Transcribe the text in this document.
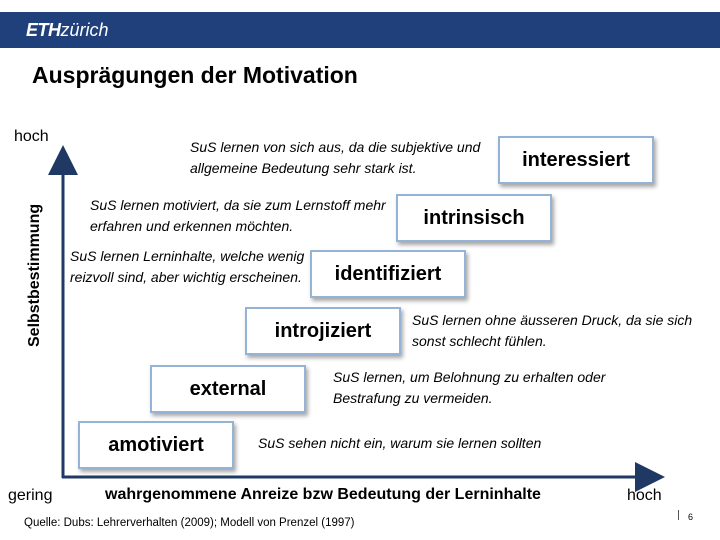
ETHzürich
Ausprägungen der Motivation
hoch
Selbstbestimmung
gering	wahrgenommene Anreize bzw Bedeutung der Lerninhalte	hoch
interessiert
intrinsisch
identifiziert
introjiziert
external
amotiviert
SuS lernen von sich aus, da die subjektive und allgemeine Bedeutung sehr stark ist.
SuS lernen motiviert, da sie zum Lernstoff mehr erfahren und erkennen möchten.
SuS lernen Lerninhalte, welche wenig reizvoll sind, aber wichtig erscheinen.
SuS lernen ohne äusseren Druck, da sie sich sonst schlecht fühlen.
SuS lernen, um Belohnung zu erhalten oder Bestrafung zu vermeiden.
SuS sehen nicht ein, warum sie lernen sollten
Quelle: Dubs: Lehrerverhalten (2009); Modell von Prenzel (1997)	6
